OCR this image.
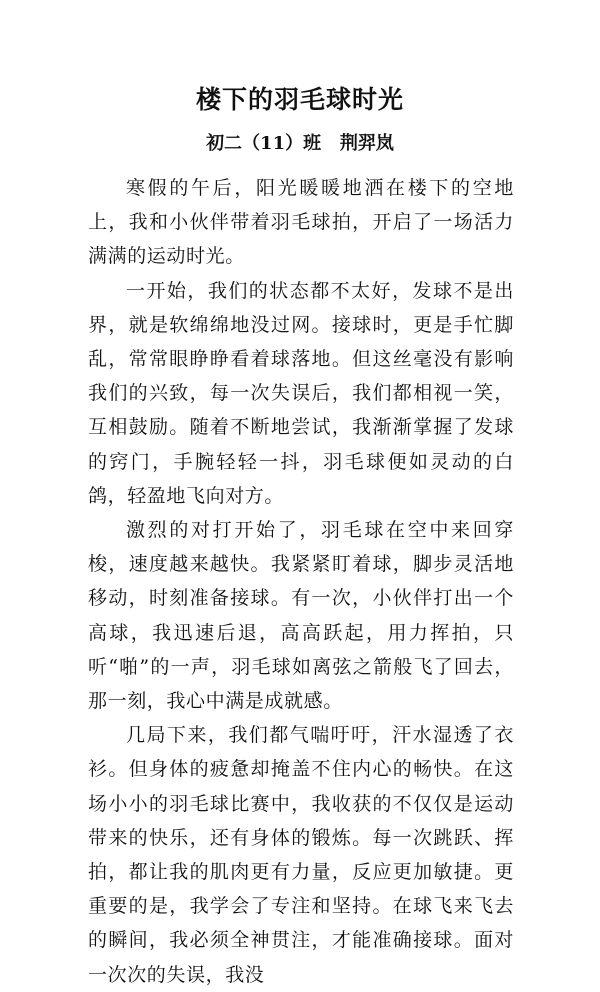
楼下的羽毛球时光
初二（11）班   荆羿岚

寒假的午后，阳光暖暖地洒在楼下的空地上，我和小伙伴带着羽毛球拍，开启了一场活力满满的运动时光。

一开始，我们的状态都不太好，发球不是出界，就是软绵绵地没过网。接球时，更是手忙脚乱，常常眼睁睁看着球落地。但这丝毫没有影响我们的兴致，每一次失误后，我们都相视一笑，互相鼓励。随着不断地尝试，我渐渐掌握了发球的窍门，手腕轻轻一抖，羽毛球便如灵动的白鸽，轻盈地飞向对方。

激烈的对打开始了，羽毛球在空中来回穿梭，速度越来越快。我紧紧盯着球，脚步灵活地移动，时刻准备接球。有一次，小伙伴打出一个高球，我迅速后退，高高跃起，用力挥拍，只听“啪”的一声，羽毛球如离弦之箭般飞了回去，那一刻，我心中满是成就感。

几局下来，我们都气喘吁吁，汗水湿透了衣衫。但身体的疲惫却掩盖不住内心的畅快。在这场小小的羽毛球比赛中，我收获的不仅仅是运动带来的快乐，还有身体的锻炼。每一次跳跃、挥拍，都让我的肌肉更有力量，反应更加敏捷。更重要的是，我学会了专注和坚持。在球飞来飞去的瞬间，我必须全神贯注，才能准确接球。面对一次次的失误，我没
